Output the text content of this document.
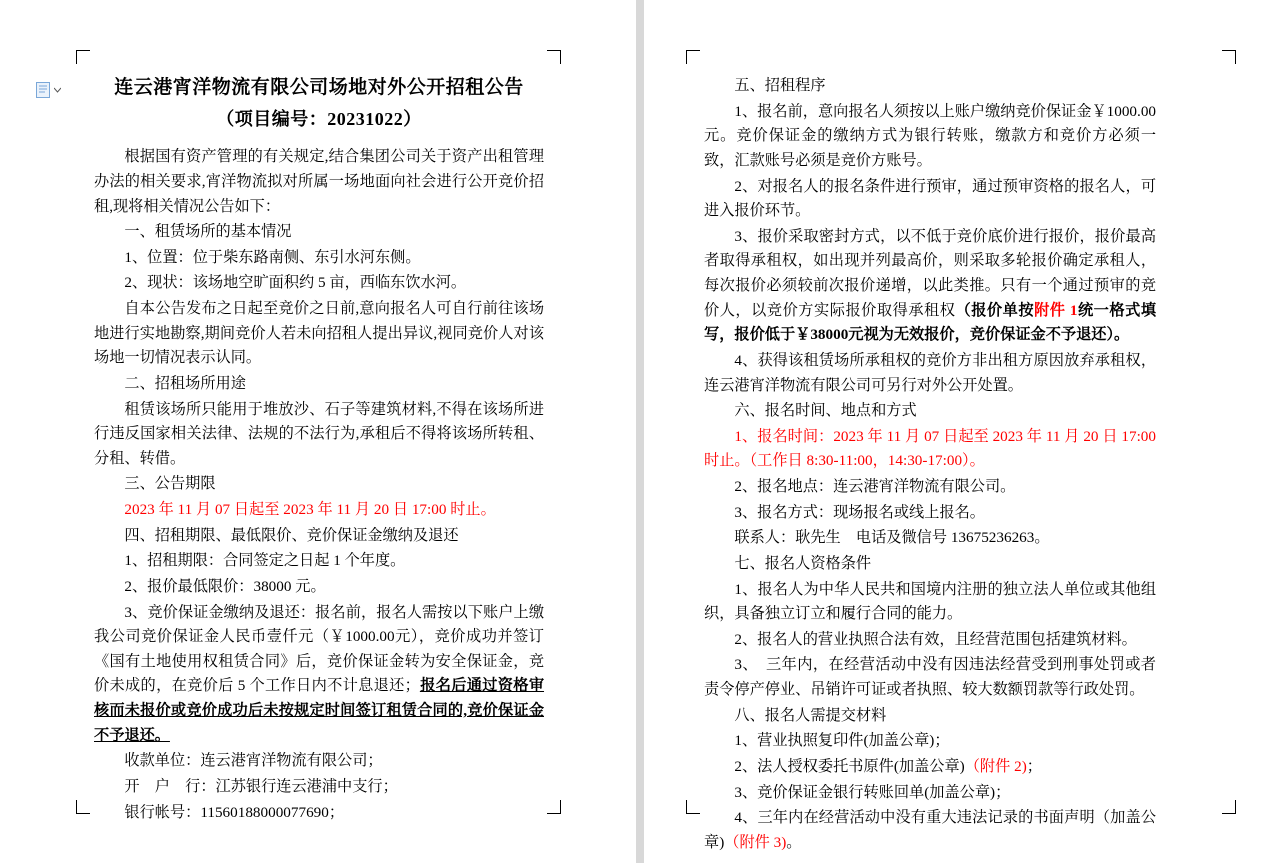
连云港宵洋物流有限公司场地对外公开招租公告
（项目编号：20231022）

根据国有资产管理的有关规定,结合集团公司关于资产出租管理办法的相关要求,宵洋物流拟对所属一场地面向社会进行公开竞价招租,现将相关情况公告如下：

一、租赁场所的基本情况

1、位置：位于柴东路南侧、东引水河东侧。

2、现状：该场地空旷面积约 5 亩，西临东饮水河。

自本公告发布之日起至竞价之日前,意向报名人可自行前往该场地进行实地勘察,期间竞价人若未向招租人提出异议,视同竞价人对该场地一切情况表示认同。

二、招租场所用途

租赁该场所只能用于堆放沙、石子等建筑材料,不得在该场所进行违反国家相关法律、法规的不法行为,承租后不得将该场所转租、分租、转借。

三、公告期限

2023 年 11 月 07 日起至 2023 年 11 月 20 日 17:00 时止。

四、招租期限、最低限价、竞价保证金缴纳及退还

1、招租期限：合同签定之日起 1 个年度。

2、报价最低限价：38000 元。

3、竞价保证金缴纳及退还：报名前，报名人需按以下账户上缴我公司竞价保证金人民币壹仟元（￥1000.00元），竞价成功并签订《国有土地使用权租赁合同》后，竞价保证金转为安全保证金，竞价未成的，在竞价后 5 个工作日内不计息退还；报名后通过资格审核而未报价或竞价成功后未按规定时间签订租赁合同的,竞价保证金不予退还。

收款单位：连云港宵洋物流有限公司；

开　户　行：江苏银行连云港浦中支行；

银行帐号：11560188000077690；

五、招租程序

1、报名前，意向报名人须按以上账户缴纳竞价保证金￥1000.00元。竞价保证金的缴纳方式为银行转账，缴款方和竞价方必须一致，汇款账号必须是竞价方账号。

2、对报名人的报名条件进行预审，通过预审资格的报名人，可进入报价环节。

3、报价采取密封方式，以不低于竞价底价进行报价，报价最高者取得承租权，如出现并列最高价，则采取多轮报价确定承租人，每次报价必须较前次报价递增，以此类推。只有一个通过预审的竞价人，以竞价方实际报价取得承租权（报价单按附件 1统一格式填写，报价低于￥38000元视为无效报价，竞价保证金不予退还）。

4、获得该租赁场所承租权的竞价方非出租方原因放弃承租权，连云港宵洋物流有限公司可另行对外公开处置。

六、报名时间、地点和方式

1、报名时间：2023 年 11 月 07 日起至 2023 年 11 月 20 日 17:00 时止。（工作日 8:30-11:00，14:30-17:00）。

2、报名地点：连云港宵洋物流有限公司。

3、报名方式：现场报名或线上报名。

联系人：耿先生　电话及微信号 13675236263。

七、报名人资格条件

1、报名人为中华人民共和国境内注册的独立法人单位或其他组织，具备独立订立和履行合同的能力。

2、报名人的营业执照合法有效，且经营范围包括建筑材料。

3、　三年内，在经营活动中没有因违法经营受到刑事处罚或者责令停产停业、吊销许可证或者执照、较大数额罚款等行政处罚。

八、报名人需提交材料

1、营业执照复印件(加盖公章)；

2、法人授权委托书原件(加盖公章)（附件 2)；

3、竞价保证金银行转账回单(加盖公章)；

4、三年内在经营活动中没有重大违法记录的书面声明（加盖公章)（附件 3)。
